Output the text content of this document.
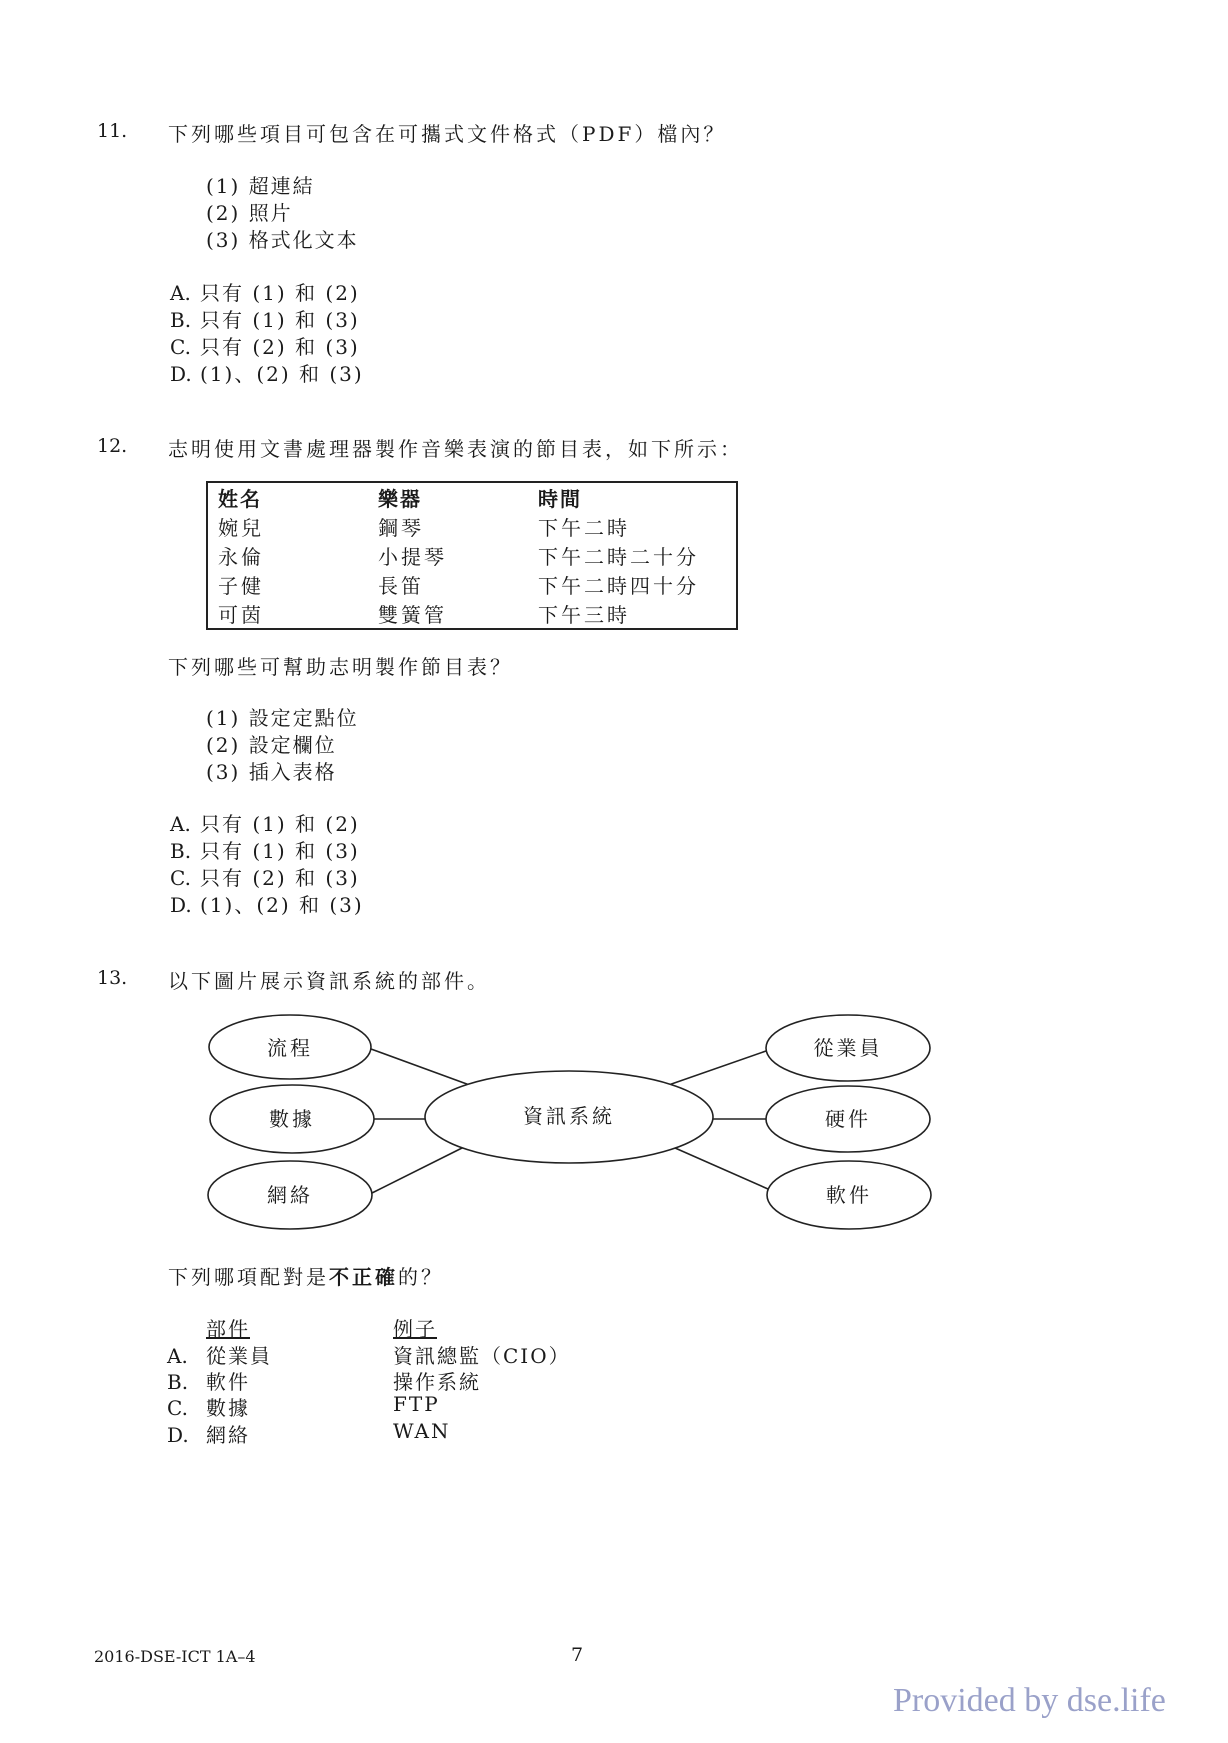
11. 下列哪些項目可包含在可攜式文件格式（PDF）檔內？
(1) 超連結
(2) 照片
(3) 格式化文本
A. 只有 (1) 和 (2)
B. 只有 (1) 和 (3)
C. 只有 (2) 和 (3)
D. (1)、(2) 和 (3)
12. 志明使用文書處理器製作音樂表演的節目表，如下所示：
姓名	樂器	時間
婉兒	鋼琴	下午二時
永倫	小提琴	下午二時二十分
子健	長笛	下午二時四十分
可茵	雙簧管	下午三時
下列哪些可幫助志明製作節目表？
(1) 設定定點位
(2) 設定欄位
(3) 插入表格
A. 只有 (1) 和 (2)
B. 只有 (1) 和 (3)
C. 只有 (2) 和 (3)
D. (1)、(2) 和 (3)
13. 以下圖片展示資訊系統的部件。
流程
數據
網絡
資訊系統
從業員
硬件
軟件
下列哪項配對是不正確的？
部件	例子
A. 從業員	資訊總監（CIO）
B. 軟件	操作系統
C. 數據	FTP
D. 網絡	WAN
2016-DSE-ICT 1A–4	7
Provided by dse.life
